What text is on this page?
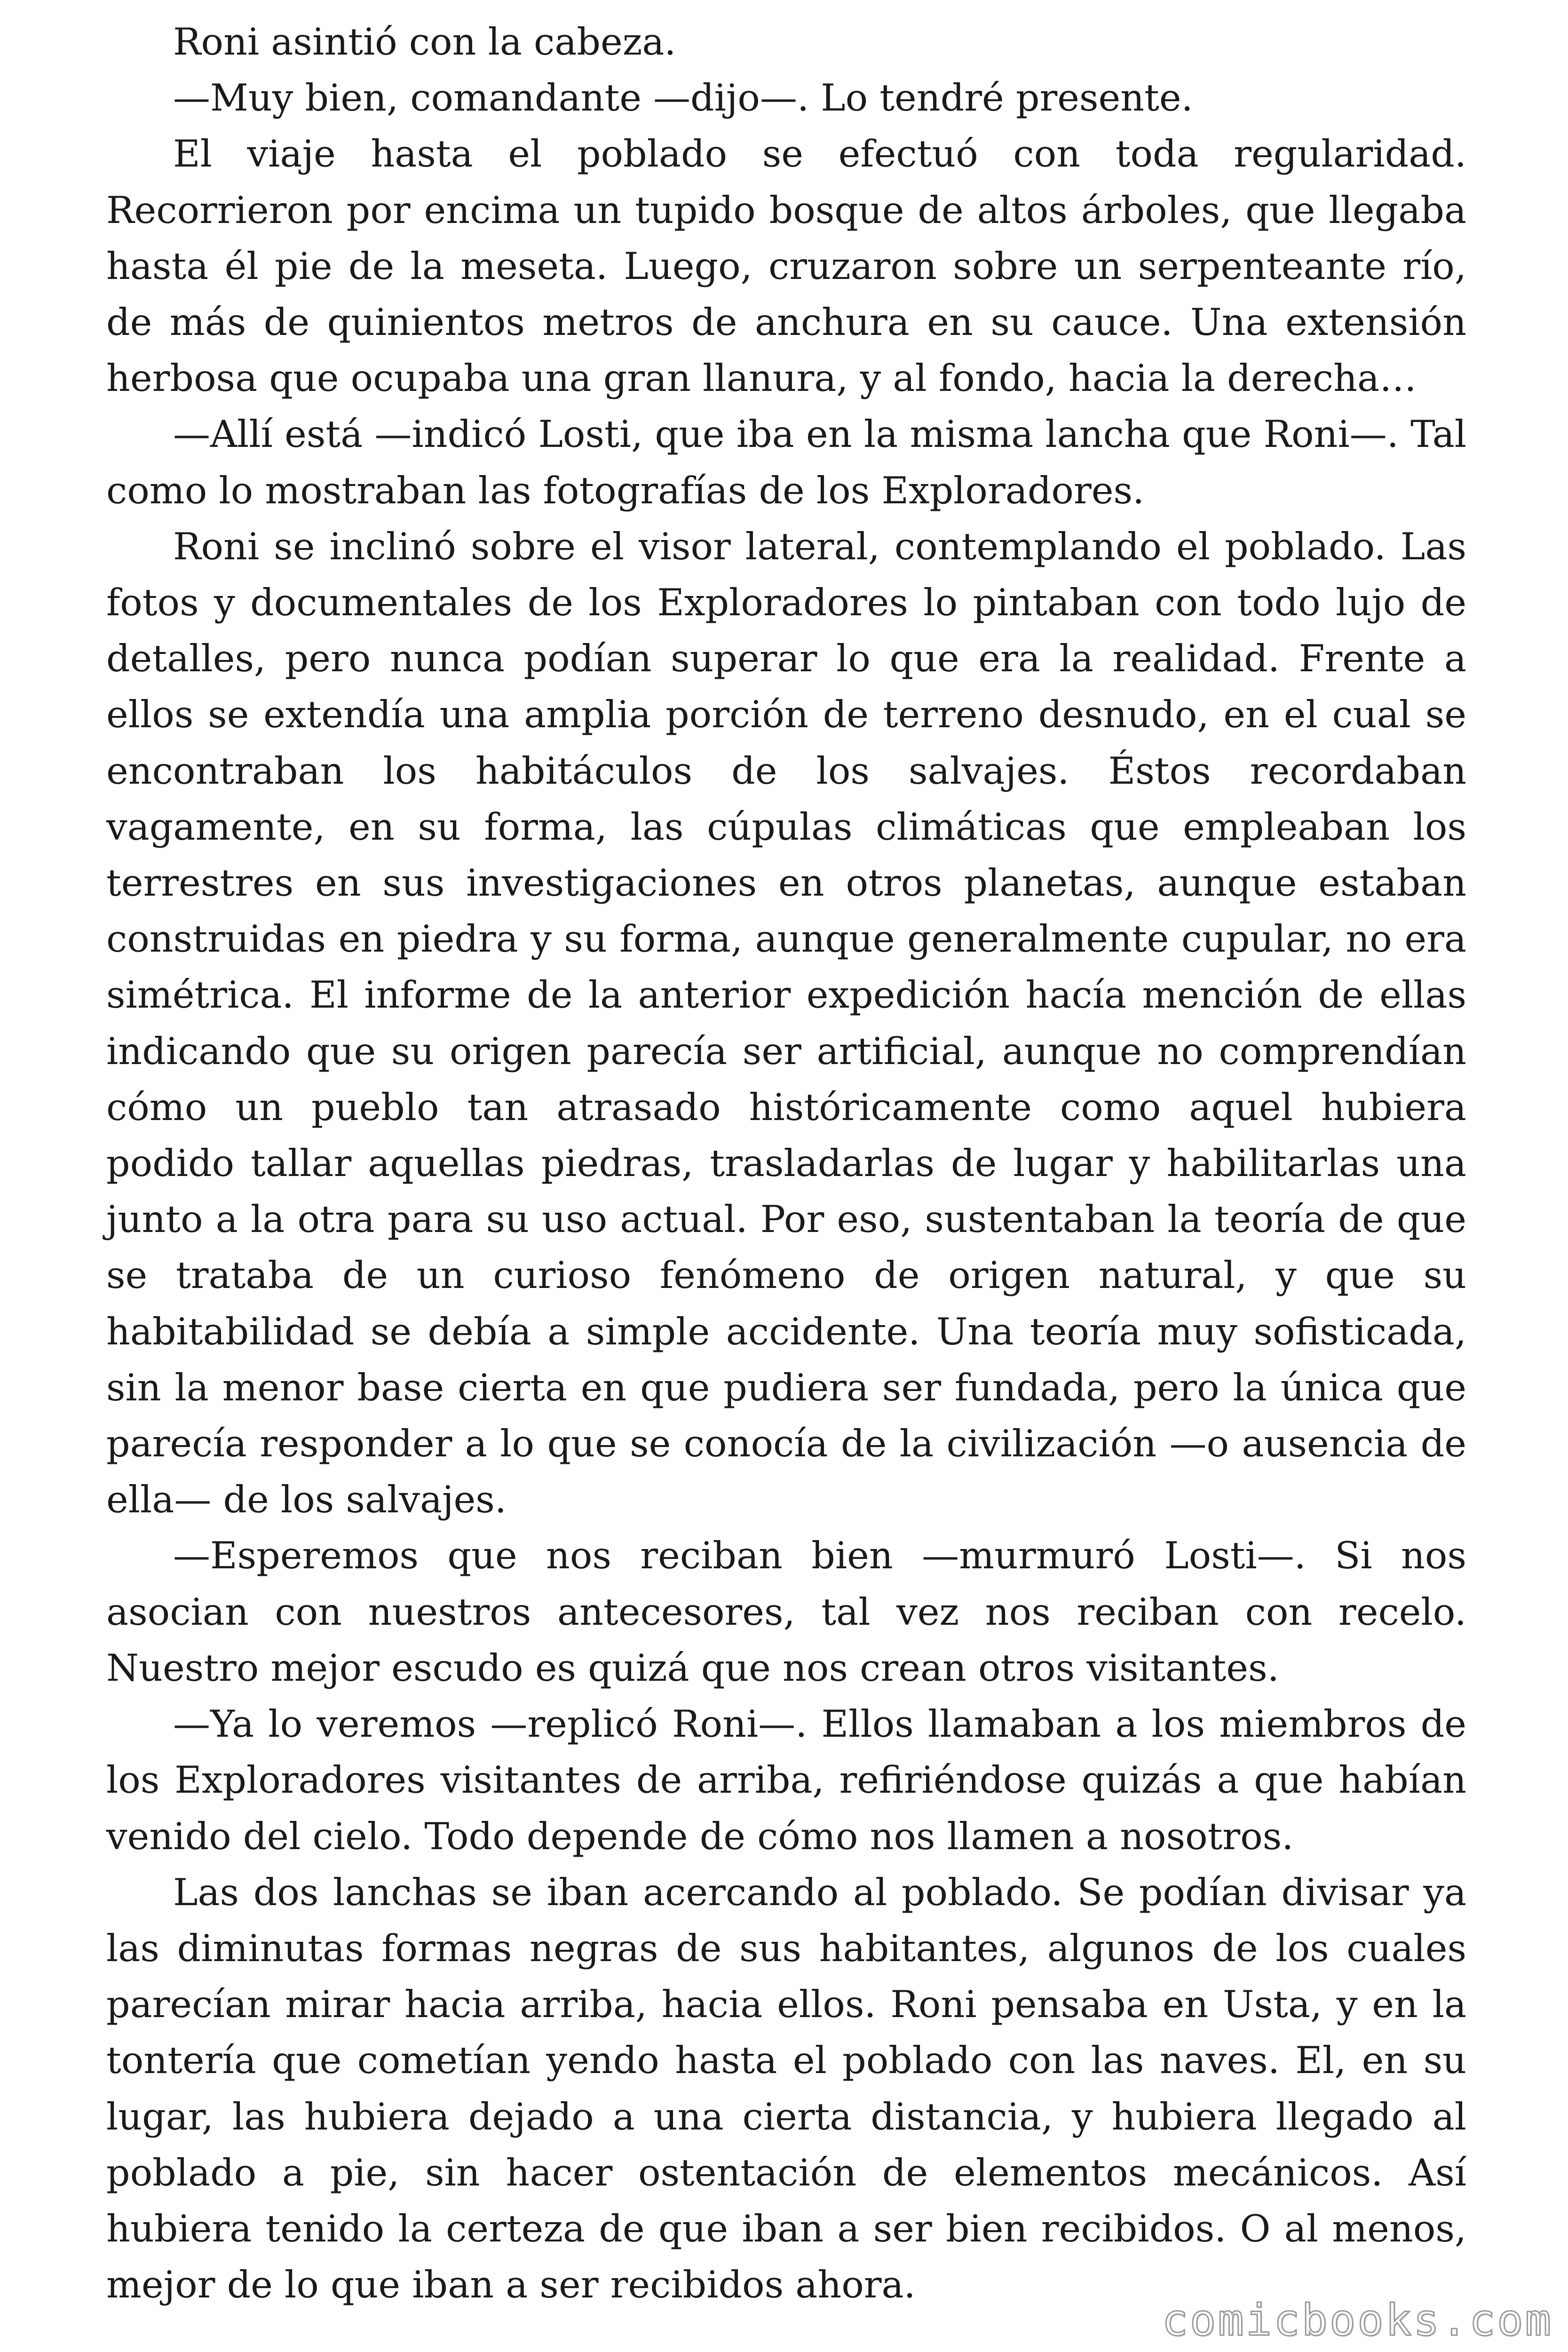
Roni asintió con la cabeza.

—Muy bien, comandante —dijo—. Lo tendré presente.

El viaje hasta el poblado se efectuó con toda regularidad. Recorrieron por encima un tupido bosque de altos árboles, que llegaba hasta él pie de la meseta. Luego, cruzaron sobre un serpenteante río, de más de quinientos metros de anchura en su cauce. Una extensión herbosa que ocupaba una gran llanura, y al fondo, hacia la derecha…

—Allí está —indicó Losti, que iba en la misma lancha que Roni—. Tal como lo mostraban las fotografías de los Exploradores.

Roni se inclinó sobre el visor lateral, contemplando el poblado. Las fotos y documentales de los Exploradores lo pintaban con todo lujo de detalles, pero nunca podían superar lo que era la realidad. Frente a ellos se extendía una amplia porción de terreno desnudo, en el cual se encontraban los habitáculos de los salvajes. Éstos recordaban vagamente, en su forma, las cúpulas climáticas que empleaban los terrestres en sus investigaciones en otros planetas, aunque estaban construidas en piedra y su forma, aunque generalmente cupular, no era simétrica. El informe de la anterior expedición hacía mención de ellas indicando que su origen parecía ser artificial, aunque no comprendían cómo un pueblo tan atrasado históricamente como aquel hubiera podido tallar aquellas piedras, trasladarlas de lugar y habilitarlas una junto a la otra para su uso actual. Por eso, sustentaban la teoría de que se trataba de un curioso fenómeno de origen natural, y que su habitabilidad se debía a simple accidente. Una teoría muy sofisticada, sin la menor base cierta en que pudiera ser fundada, pero la única que parecía responder a lo que se conocía de la civilización —o ausencia de ella— de los salvajes.

—Esperemos que nos reciban bien —murmuró Losti—. Si nos asocian con nuestros antecesores, tal vez nos reciban con recelo. Nuestro mejor escudo es quizá que nos crean otros visitantes.

—Ya lo veremos —replicó Roni—. Ellos llamaban a los miembros de los Exploradores visitantes de arriba, refiriéndose quizás a que habían venido del cielo. Todo depende de cómo nos llamen a nosotros.

Las dos lanchas se iban acercando al poblado. Se podían divisar ya las diminutas formas negras de sus habitantes, algunos de los cuales parecían mirar hacia arriba, hacia ellos. Roni pensaba en Usta, y en la tontería que cometían yendo hasta el poblado con las naves. El, en su lugar, las hubiera dejado a una cierta distancia, y hubiera llegado al poblado a pie, sin hacer ostentación de elementos mecánicos. Así hubiera tenido la certeza de que iban a ser bien recibidos. O al menos, mejor de lo que iban a ser recibidos ahora.

comicbooks.com
